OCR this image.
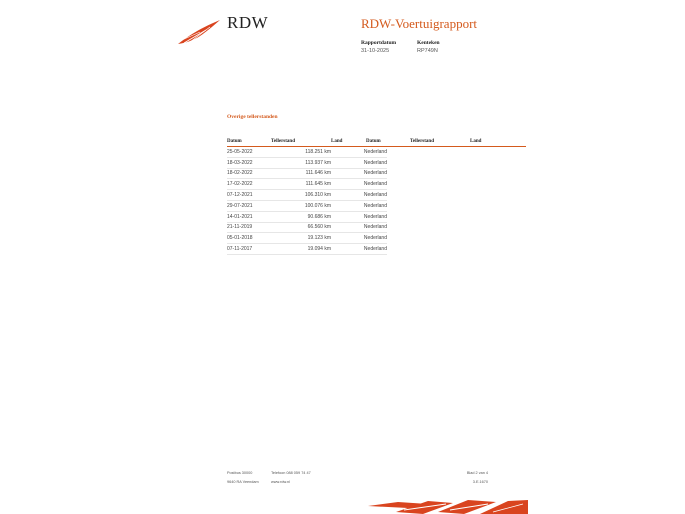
RDW	RDW-Voertuigrapport
Rapportdatum
31-10-2025
Kenteken
RP749N
Overige tellerstanden
Datum	Tellerstand	Land
25-05-2022	118.251 km	Nederland
18-03-2022	113.937 km	Nederland
18-02-2022	111.646 km	Nederland
17-02-2022	111.645 km	Nederland
07-12-2021	106.310 km	Nederland
29-07-2021	100.076 km	Nederland
14-01-2021	90.686 km	Nederland
21-11-2019	66.560 km	Nederland
05-01-2018	19.123 km	Nederland
07-11-2017	19.094 km	Nederland
Datum	Tellerstand	Land
Postbus 30000
9640 RA Veendam
Telefoon 088 059 74 47
www.rdw.nl
Blad 2 van 4
3.E.1670
